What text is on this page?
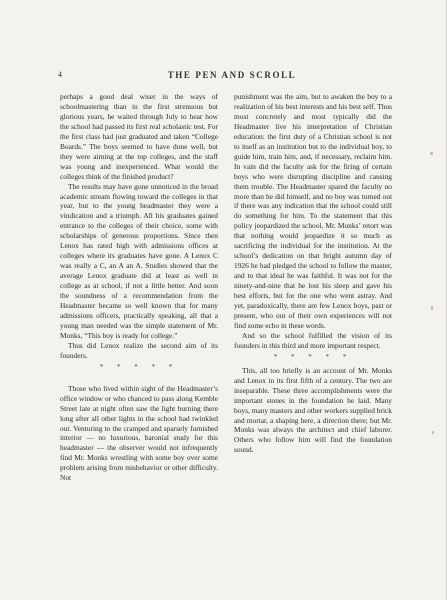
4	THE PEN AND SCROLL

perhaps a good deal wiser in the ways of schoolmastering than in the first strenuous but glorious years, he waited through July to hear how the school had passed its first real scholastic test. For the first class had just graduated and taken “College Boards.” The boys seemed to have done well, but they were aiming at the top colleges, and the staff was young and inexperienced. What would the colleges think of the finished product?

The results may have gone unnoticed in the broad academic stream flowing toward the colleges in that year, but to the young headmaster they were a vindication and a triumph. All his graduates gained entrance to the colleges of their choice, some with scholarships of generous proportions. Since then Lenox has rated high with admissions offices at colleges where its graduates have gone. A Lenox C was really a C, an A an A. Studies showed that the average Lenox graduate did at least as well in college as at school, if not a little better. And soon the soundness of a recommendation from the Headmaster became so well known that for many admissions officers, practically speaking, all that a young man needed was the simple statement of Mr. Monks, “This boy is ready for college.”

Thus did Lenox realize the second aim of its founders.

* * * * *

Those who lived within sight of the Headmaster’s office window or who chanced to pass along Kemble Street late at night often saw the light burning there long after all other lights in the school had twinkled out. Venturing to the cramped and sparsely furnished interior — no luxurious, baronial study for this headmaster — the observer would not infrequently find Mr. Monks wrestling with some boy over some problem arising from misbehavior or other difficulty. Not

punishment was the aim, but to awaken the boy to a realization of his best interests and his best self. Thus most concretely and most typically did the Headmaster live his interpretation of Christian education: the first duty of a Christian school is not to itself as an institution but to the individual boy, to guide him, train him, and, if necessary, reclaim him. In vain did the faculty ask for the firing of certain boys who were disrupting discipline and causing them trouble. The Headmaster spared the faculty no more than he did himself, and no boy was turned out if there was any indication that the school could still do something for him. To the statement that this policy jeopardized the school, Mr. Monks’ retort was that nothing would jeopardize it so much as sacrificing the individual for the institution. At the school’s dedication on that bright autumn day of 1926 he had pledged the school to follow the master, and to that ideal he was faithful. It was not for the ninety-and-nine that he lost his sleep and gave his best efforts, but for the one who went astray. And yet, paradoxically, there are few Lenox boys, past or present, who out of their own experiences will not find some echo in these words.

And so the school fulfilled the vision of its founders in this third and more important respect.

* * * * *

This, all too briefly is an account of Mr. Monks and Lenox in its first fifth of a century. The two are inseparable. These three accomplishments were the important stones in the foundation he laid. Many boys, many masters and other workers supplied brick and mortar, a shaping here, a direction there; but Mr. Monks was always the architect and chief laborer. Others who follow him will find the foundation sound.
